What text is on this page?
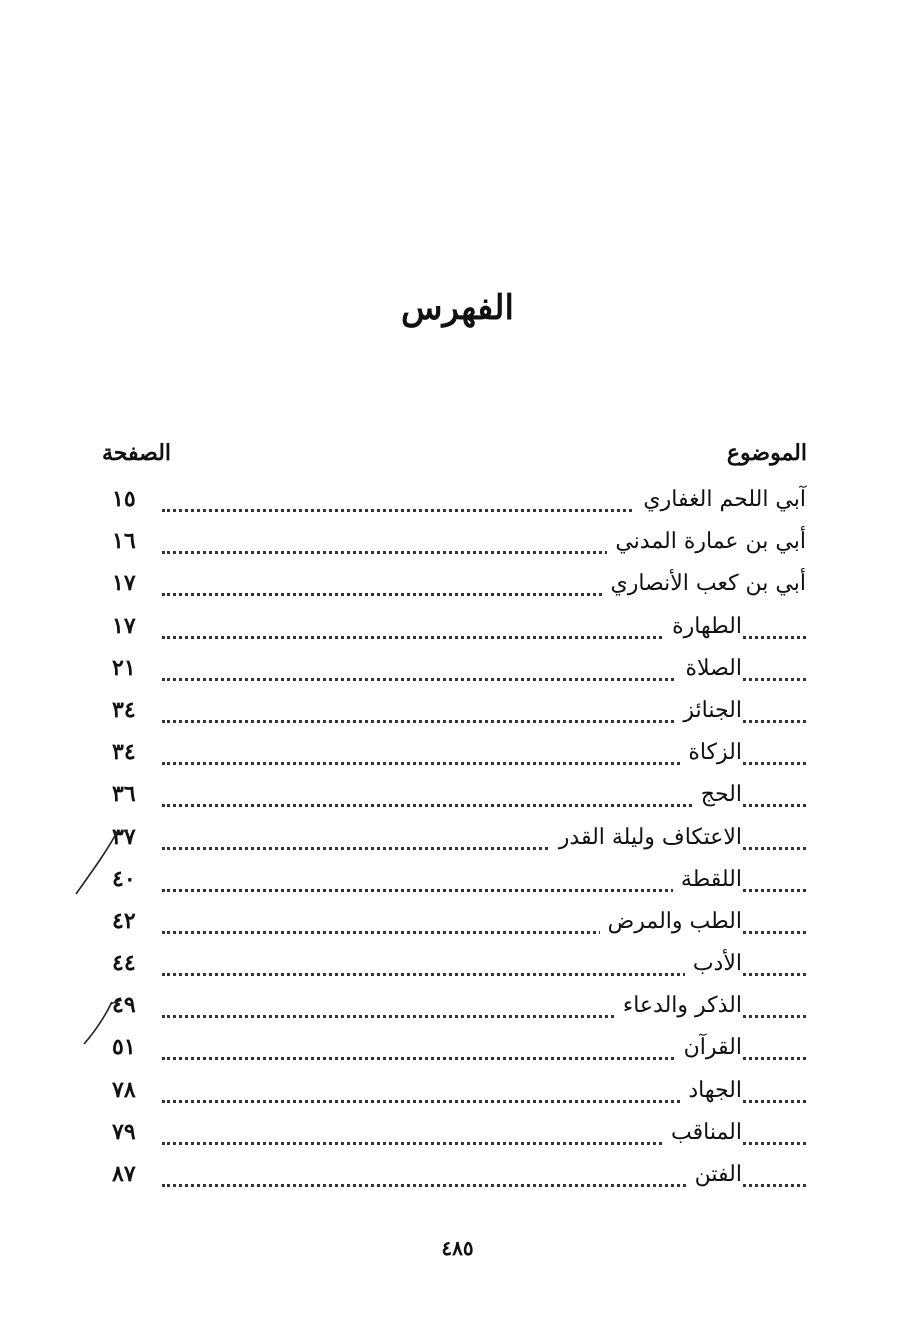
الفهرس
الموضوع
الصفحة
آبي اللحم الغفاري
١٥
أبي بن عمارة المدني
١٦
أبي بن كعب الأنصاري
١٧
الطهارة
١٧
الصلاة
٢١
الجنائز
٣٤
الزكاة
٣٤
الحج
٣٦
الاعتكاف وليلة القدر
٣٧
اللقطة
٤٠
الطب والمرض
٤٢
الأدب
٤٤
الذكر والدعاء
٤٩
القرآن
٥١
الجهاد
٧٨
المناقب
٧٩
الفتن
٨٧
٤٨٥
